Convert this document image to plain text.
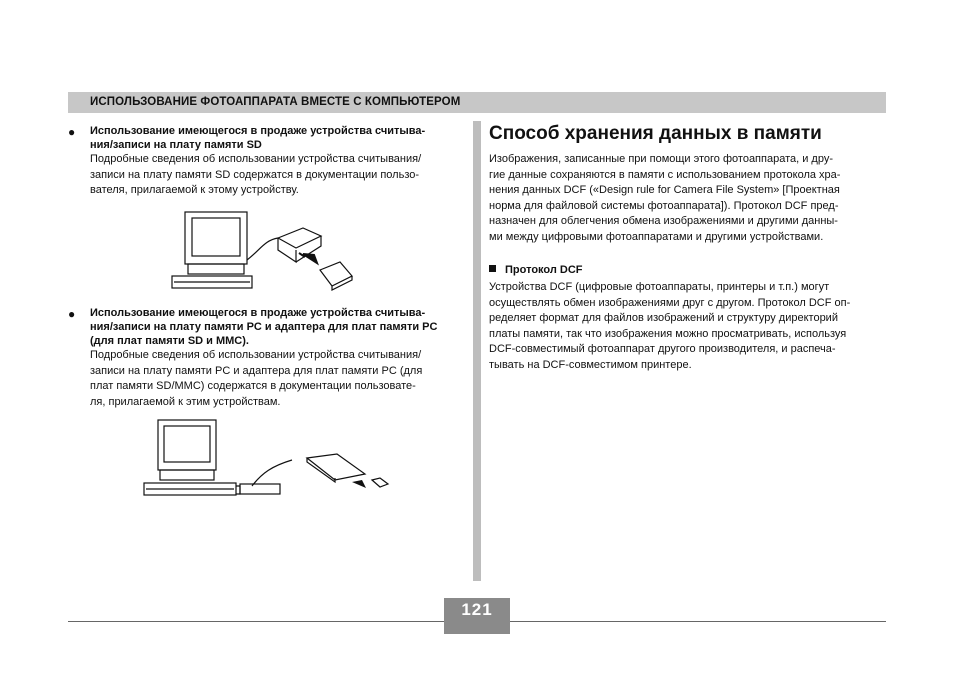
ИСПОЛЬЗОВАНИЕ ФОТОАППАРАТА ВМЕСТЕ С КОМПЬЮТЕРОМ
● Использование имеющегося в продаже устройства считыва-
ния/записи на плату памяти SD
Подробные сведения об использовании устройства считывания/
записи на плату памяти SD содержатся в документации пользо-
вателя, прилагаемой к этому устройству.
● Использование имеющегося в продаже устройства считыва-
ния/записи на плату памяти PC и адаптера для плат памяти PC
(для плат памяти SD и MMC).
Подробные сведения об использовании устройства считывания/
записи на плату памяти PC и адаптера для плат памяти PC (для
плат памяти SD/MMC) содержатся в документации пользовате-
ля, прилагаемой к этим устройствам.
Способ хранения данных в памяти

Изображения, записанные при помощи этого фотоаппарата, и дру-
гие данные сохраняются в памяти с использованием протокола хра-
нения данных DCF («Design rule for Camera File System» [Проектная
норма для файловой системы фотоаппарата]). Протокол DCF пред-
назначен для облегчения обмена изображениями и другими данны-
ми между цифровыми фотоаппаратами и другими устройствами.

Протокол DCF

Устройства DCF (цифровые фотоаппараты, принтеры и т.п.) могут
осуществлять обмен изображениями друг с другом. Протокол DCF оп-
ределяет формат для файлов изображений и структуру директорий
платы памяти, так что изображения можно просматривать, используя
DCF-совместимый фотоаппарат другого производителя, и распеча-
тывать на DCF-совместимом принтере.

121
